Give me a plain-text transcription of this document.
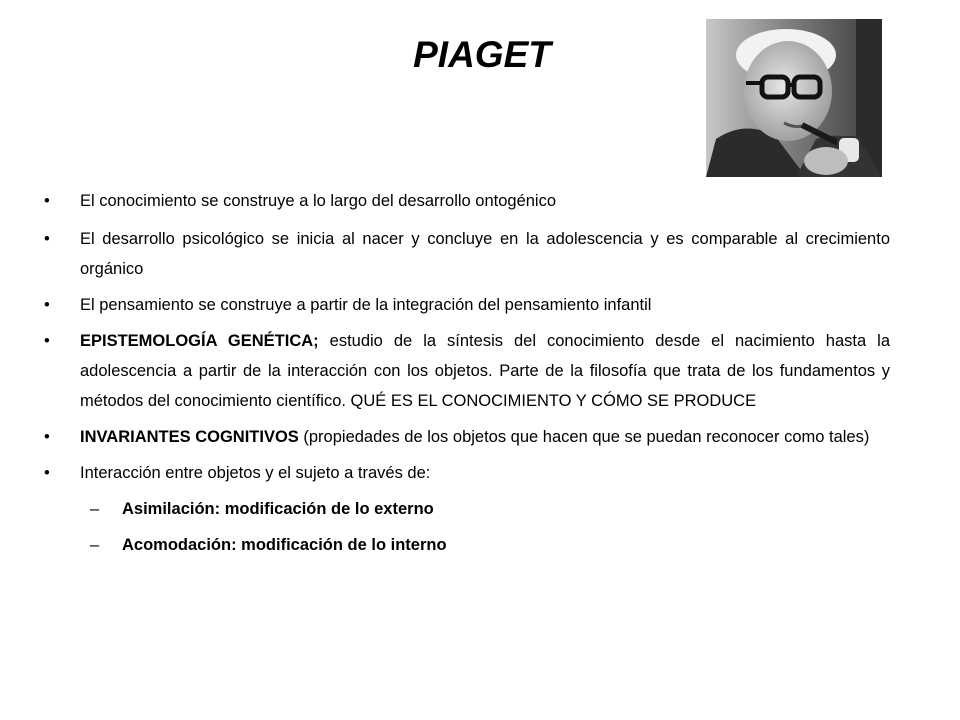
PIAGET
• El conocimiento se construye a lo largo del desarrollo ontogénico
• El desarrollo psicológico se inicia al nacer y concluye en la adolescencia y es comparable al crecimiento orgánico
• El pensamiento se construye a partir de la integración del pensamiento infantil
• EPISTEMOLOGÍA GENÉTICA; estudio de la síntesis del conocimiento desde el nacimiento hasta la adolescencia a partir de la interacción con los objetos. Parte de la filosofía que trata de los fundamentos y métodos del conocimiento científico. QUÉ ES EL CONOCIMIENTO Y CÓMO SE PRODUCE
• INVARIANTES COGNITIVOS (propiedades de los objetos que hacen que se puedan reconocer como tales)
• Interacción entre objetos y el sujeto a través de:
– Asimilación: modificación de lo externo
– Acomodación: modificación de lo interno
